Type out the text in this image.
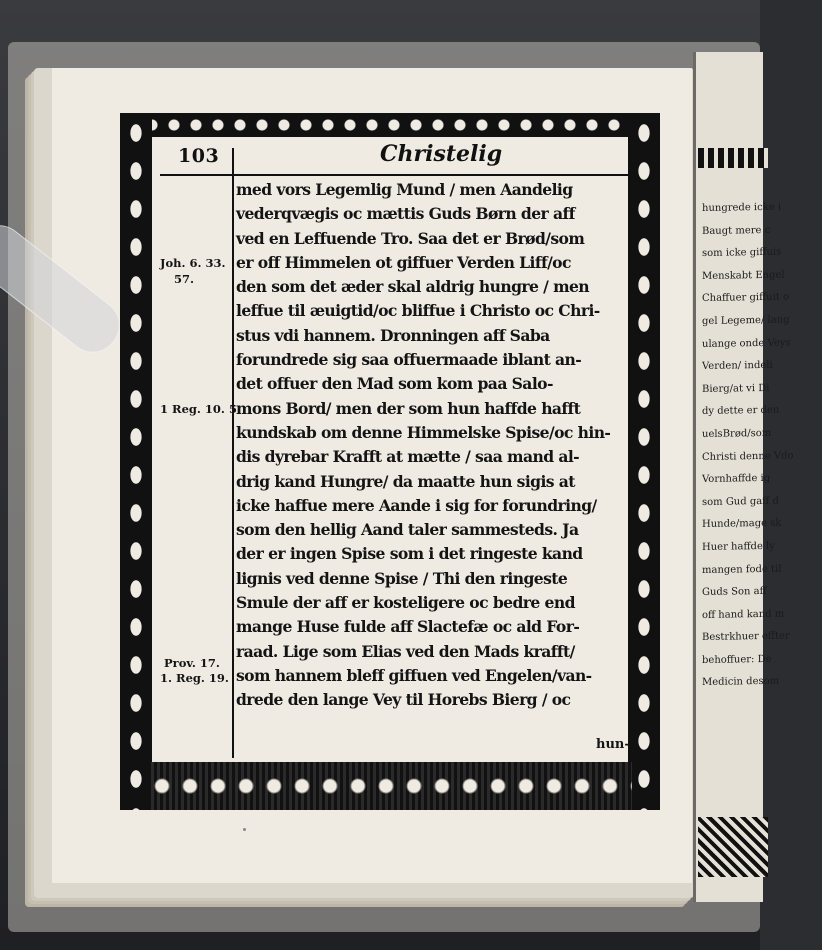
hungrede icke i
Baugt mere c
som icke giffuis
Menskabt Engel
Chaffuer giffuit o
gel Legeme/ lang
ulange onde Veys
Verden/ indeli
Bierg/at vi Di
dy dette er den
uelsBrød/som
Christi denne Vdo
Vornhaffde ig
som Gud gaff d
Hunde/mage sk
Huer haffde ly
mangen fode til
Guds Son aff
off hand kand m
Bestrkhuer effter
behoffuer: De
Medicin desom
103	Christelig
Joh. 6. 33.
57.
1 Reg. 10. 5
Prov. 17.
1. Reg. 19.
med vors Legemlig Mund / men Aandelig
vederqvægis oc mættis Guds Børn der aff
ved en Leffuende Tro. Saa det er Brød/som
er off Himmelen ot giffuer Verden Liff/oc
den som det æder skal aldrig hungre / men
leffue til æuigtid/oc bliffue i Christo oc Chri-
stus vdi hannem. Dronningen aff Saba
forundrede sig saa offuermaade iblant an-
det offuer den Mad som kom paa Salo-
mons Bord/ men der som hun haffde hafft
kundskab om denne Himmelske Spise/oc hin-
dis dyrebar Krafft at mætte / saa mand al-
drig kand Hungre/ da maatte hun sigis at
icke haffue mere Aande i sig for forundring/
som den hellig Aand taler sammesteds. Ja
der er ingen Spise som i det ringeste kand
lignis ved denne Spise / Thi den ringeste
Smule der aff er kosteligere oc bedre end
mange Huse fulde aff Slactefæ oc ald For-
raad. Lige som Elias ved den Mads krafft/
som hannem bleff giffuen ved Engelen/van-
drede den lange Vey til Horebs Bierg / oc
hun-
